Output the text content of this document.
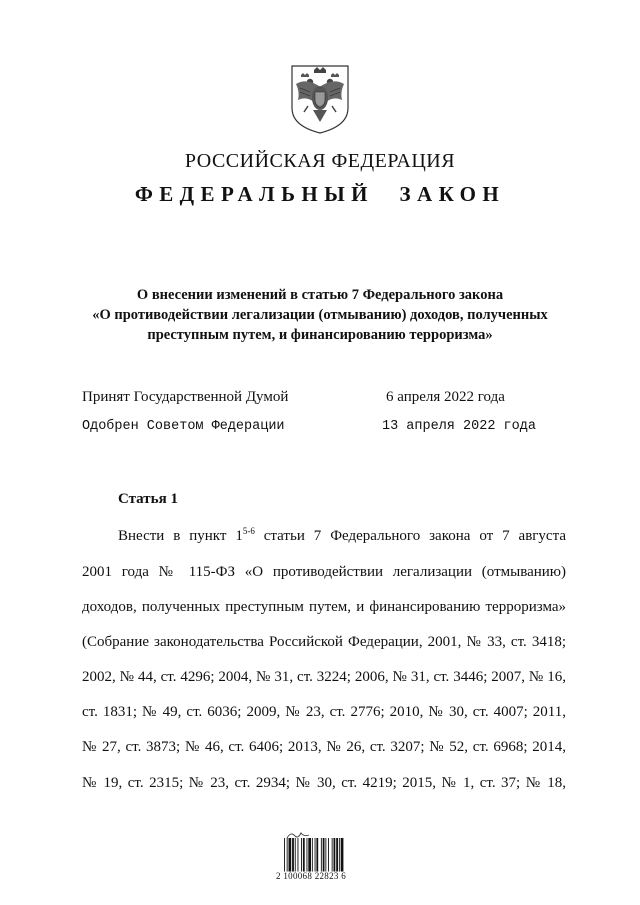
РОССИЙСКАЯ ФЕДЕРАЦИЯ
ФЕДЕРАЛЬНЫЙ ЗАКОН
О внесении изменений в статью 7 Федерального закона
«О противодействии легализации (отмыванию) доходов, полученных
преступным путем, и финансированию терроризма»
Принят Государственной Думой	6 апреля 2022 года
Одобрен Советом Федерации	13 апреля 2022 года
Статья 1
Внести в пункт 1$^{5-6}$ статьи 7 Федерального закона от 7 августа
2001 года № 115-ФЗ «О противодействии легализации (отмыванию)
доходов, полученных преступным путем, и финансированию терроризма»
(Собрание законодательства Российской Федерации, 2001, № 33, ст. 3418;
2002, № 44, ст. 4296; 2004, № 31, ст. 3224; 2006, № 31, ст. 3446; 2007, № 16,
ст. 1831; № 49, ст. 6036; 2009, № 23, ст. 2776; 2010, № 30, ст. 4007; 2011,
№ 27, ст. 3873; № 46, ст. 6406; 2013, № 26, ст. 3207; № 52, ст. 6968; 2014,
№ 19, ст. 2315; № 23, ст. 2934; № 30, ст. 4219; 2015, № 1, ст. 37; № 18,
2 100068 22823 6
